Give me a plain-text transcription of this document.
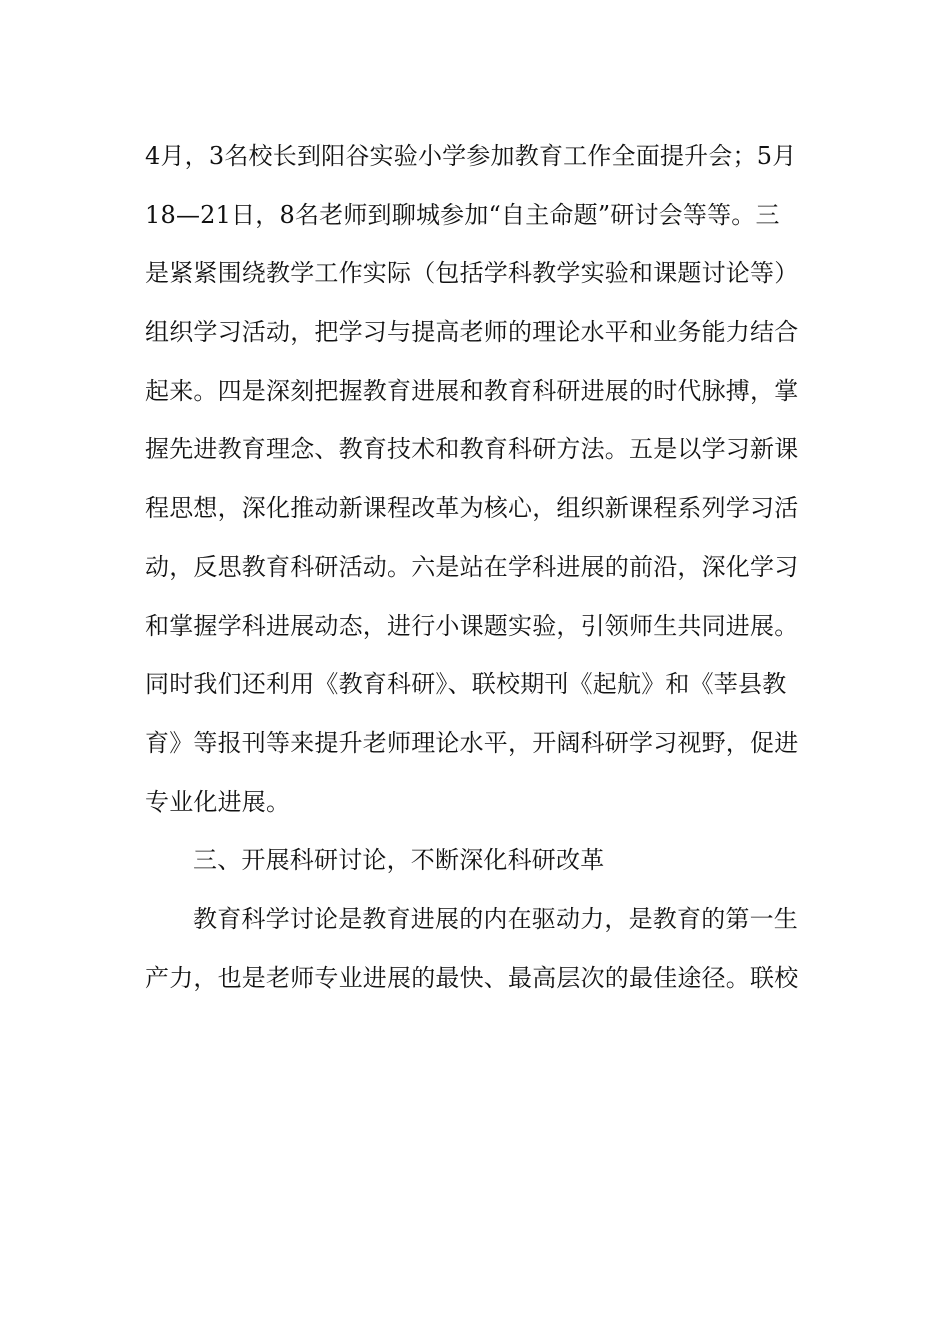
4月，3名校长到阳谷实验小学参加教育工作全面提升会；5月
18—21日，8名老师到聊城参加“自主命题”研讨会等等。三
是紧紧围绕教学工作实际（包括学科教学实验和课题讨论等）
组织学习活动，把学习与提高老师的理论水平和业务能力结合
起来。四是深刻把握教育进展和教育科研进展的时代脉搏，掌
握先进教育理念、教育技术和教育科研方法。五是以学习新课
程思想，深化推动新课程改革为核心，组织新课程系列学习活
动，反思教育科研活动。六是站在学科进展的前沿，深化学习
和掌握学科进展动态，进行小课题实验，引领师生共同进展。
同时我们还利用《教育科研》、联校期刊《起航》和《莘县教
育》等报刊等来提升老师理论水平，开阔科研学习视野，促进
专业化进展。
三、开展科研讨论，不断深化科研改革
教育科学讨论是教育进展的内在驱动力，是教育的第一生
产力，也是老师专业进展的最快、最高层次的最佳途径。联校
